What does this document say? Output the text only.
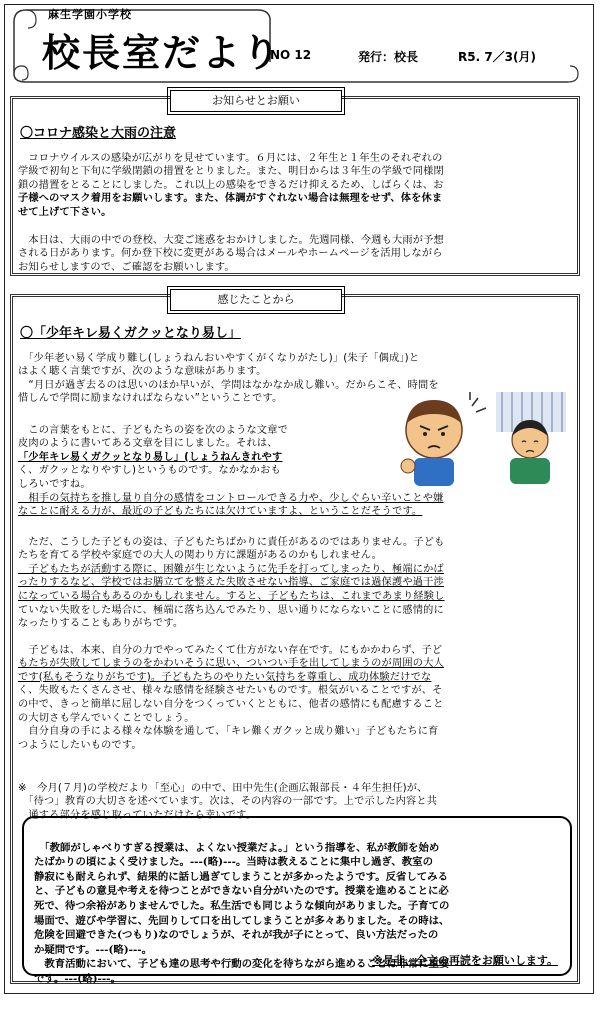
麻生学園小学校
校長室だより
NO 12	発行：校長	R5. 7／3(月)
お知らせとお願い
〇コロナ感染と大雨の注意

　コロナウイルスの感染が広がりを見せています。６月には、２年生と１年生のそれぞれの
学級で初旬と下旬に学級閉鎖の措置をとりました。また、明日からは３年生の学級で同様閉
鎖の措置をとることにしました。これ以上の感染をできるだけ抑えるため、しばらくは、お
子様へのマスク着用をお願いします。また、体調がすぐれない場合は無理をせず、体を休ま
せて上げて下さい。

　本日は、大雨の中での登校、大変ご迷惑をおかけしました。先週同様、今週も大雨が予想
される日があります。何か登下校に変更がある場合はメールやホームページを活用しながら
お知らせしますので、ご確認をお願いします。

感じたことから
〇「少年キレ易くガクッとなり易し」

　「少年老い易く学成り難し(しょうねんおいやすくがくなりがたし)」(朱子「偶成」)と
はよく聴く言葉ですが、次のような意味があります。
　“月日が過ぎ去るのは思いのほか早いが、学問はなかなか成し難い。だからこそ、時間を
惜しんで学問に励まなければならない”ということです。

　この言葉をもとに、子どもたちの姿を次のような文章で
皮肉のように書いてある文章を目にしました。それは、
「少年キレ易くガクッとなり易し」(しょうねんきれやす
く、ガクッとなりやすし)というものです。なかなかおも
しろいですね。

　相手の気持ちを推し量り自分の感情をコントロールできる力や、少しぐらい辛いことや嫌
なことに耐える力が、最近の子どもたちには欠けていますよ、ということだそうです。

　ただ、こうした子どもの姿は、子どもたちばかりに責任があるのではありません。子ども
たちを育てる学校や家庭での大人の関わり方に課題があるのかもしれません。
　子どもたちが活動する際に、困難が生じないように先手を打ってしまったり、極端にかば
ったりするなど、学校ではお膳立てを整えた失敗させない指導、ご家庭では過保護や過干渉
になっている場合もあるのかもしれません。すると、子どもたちは、これまであまり経験し
ていない失敗をした場合に、極端に落ち込んでみたり、思い通りにならないことに感情的に
なったりすることもありがちです。

　子どもは、本来、自分の力でやってみたくて仕方がない存在です。にもかかわらず、子ど
もたちが失敗してしまうのをかわいそうに思い、ついつい手を出してしまうのが周囲の大人
です(私もそうなりがちです)。子どもたちのやりたい気持ちを尊重し、成功体験だけでな
く、失敗もたくさんさせ、様々な感情を経験させたいものです。根気がいることですが、そ
の中で、きっと簡単に屈しない自分をつくっていくとともに、他者の感情にも配慮すること
の大切さも学んでいくことでしょう。
　自分自身の手による様々な体験を通して、「キレ難くガクッと成り難い」子どもたちに育
つようにしたいものです。

※　今月(７月)の学校だより「至心」の中で、田中先生(企画広報部長・４年生担任)が、
　「待つ」教育の大切さを述べています。次は、その内容の一部です。上で示した内容と共
　通する部分を感じ取っていただけたら幸いです。

　「教師がしゃべりすぎる授業は、よくない授業だよ。」という指導を、私が教師を始め
たばかりの頃によく受けました。---(略)---。当時は教えることに集中し過ぎ、教室の
静寂にも耐えられず、結果的に話し過ぎてしまうことが多かったようです。反省してみる
と、子どもの意見や考えを待つことができない自分がいたのです。授業を進めることに必
死で、待つ余裕がありませんでした。私生活でも同じような傾向がありました。子育ての
場面で、遊びや学習に、先回りして口を出してしまうことが多々ありました。その時は、
危険を回避できた(つもり)なのでしょうが、それが我が子にとって、良い方法だったの
か疑問です。---(略)---。
　教育活動において、子ども達の思考や行動の変化を待ちながら進めることは非常に重要
です。---(略)---。

※是非、全文の再読をお願いします。
